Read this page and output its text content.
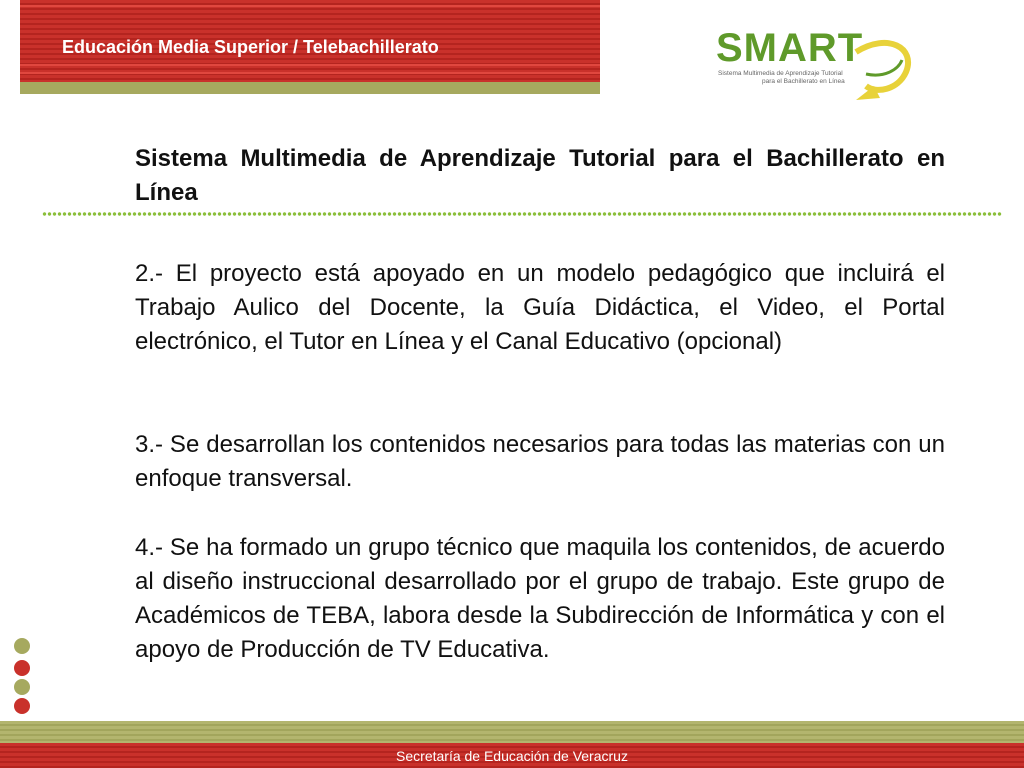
Educación Media Superior / Telebachillerato	SMART
Sistema Multimedia de Aprendizaje Tutorial
para el Bachillerato en Línea
Sistema Multimedia de Aprendizaje Tutorial para el Bachillerato en Línea

2.- El proyecto está apoyado en un modelo pedagógico que incluirá el Trabajo Aulico del Docente, la Guía Didáctica, el Video, el Portal electrónico, el Tutor en Línea y el Canal Educativo (opcional)

3.- Se desarrollan los contenidos necesarios para todas las materias con un enfoque transversal.

4.- Se ha formado un grupo técnico que maquila los contenidos, de acuerdo al diseño instruccional desarrollado por el grupo de trabajo. Este grupo de Académicos de TEBA, labora desde la Subdirección de Informática y con el apoyo de Producción de TV Educativa.

Secretaría de Educación de Veracruz
